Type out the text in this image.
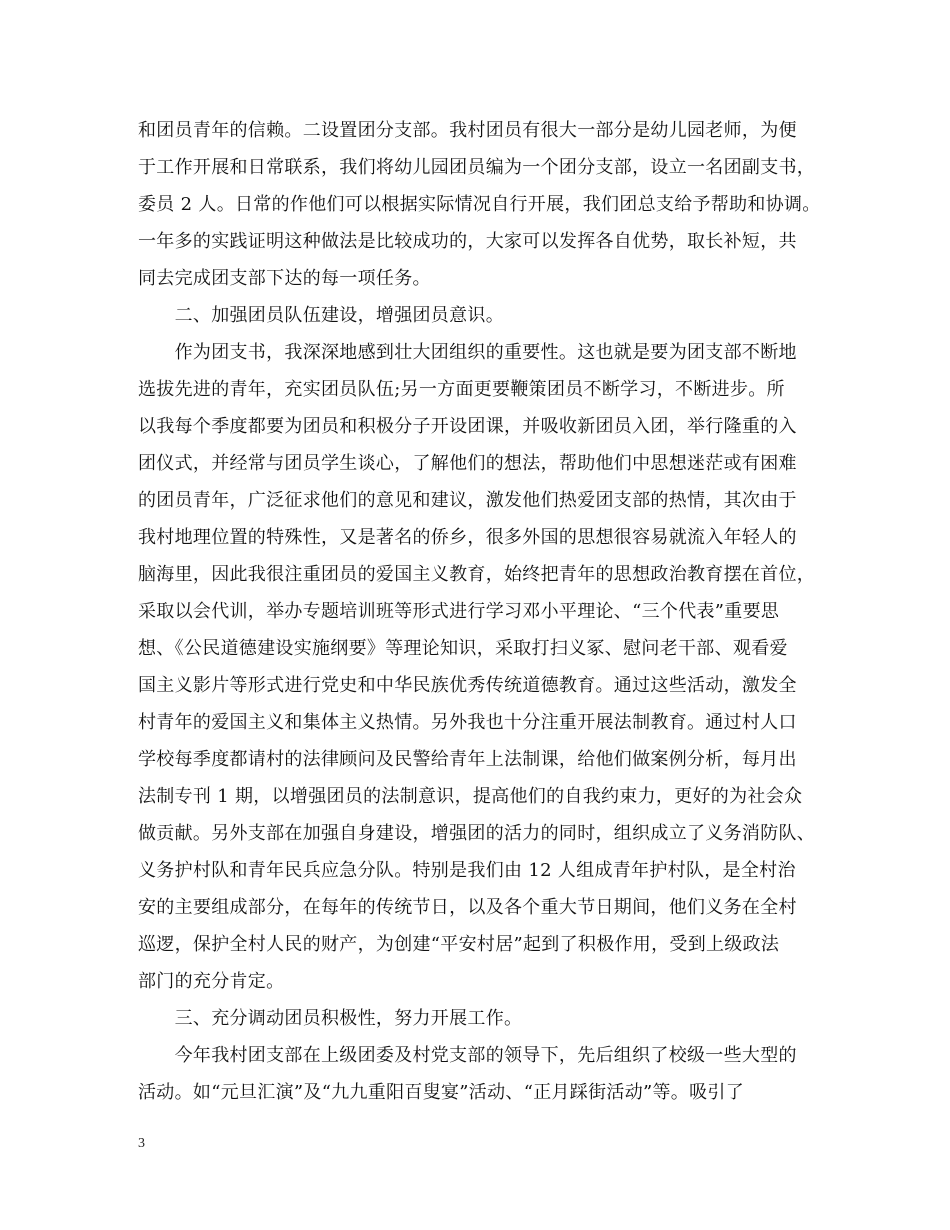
和团员青年的信赖。二设置团分支部。我村团员有很大一部分是幼儿园老师，为便
于工作开展和日常联系，我们将幼儿园团员编为一个团分支部，设立一名团副支书，
委员 2 人。日常的作他们可以根据实际情况自行开展，我们团总支给予帮助和协调。
一年多的实践证明这种做法是比较成功的，大家可以发挥各自优势，取长补短，共
同去完成团支部下达的每一项任务。
　　二、加强团员队伍建设，增强团员意识。
　　作为团支书，我深深地感到壮大团组织的重要性。这也就是要为团支部不断地
选拔先进的青年，充实团员队伍;另一方面更要鞭策团员不断学习，不断进步。所
以我每个季度都要为团员和积极分子开设团课，并吸收新团员入团，举行隆重的入
团仪式，并经常与团员学生谈心，了解他们的想法，帮助他们中思想迷茫或有困难
的团员青年，广泛征求他们的意见和建议，激发他们热爱团支部的热情，其次由于
我村地理位置的特殊性，又是著名的侨乡，很多外国的思想很容易就流入年轻人的
脑海里，因此我很注重团员的爱国主义教育，始终把青年的思想政治教育摆在首位，
采取以会代训，举办专题培训班等形式进行学习邓小平理论、“三个代表”重要思
想、《公民道德建设实施纲要》等理论知识，采取打扫义冢、慰问老干部、观看爱
国主义影片等形式进行党史和中华民族优秀传统道德教育。通过这些活动，激发全
村青年的爱国主义和集体主义热情。另外我也十分注重开展法制教育。通过村人口
学校每季度都请村的法律顾问及民警给青年上法制课，给他们做案例分析，每月出
法制专刊 1 期，以增强团员的法制意识，提高他们的自我约束力，更好的为社会众
做贡献。另外支部在加强自身建设，增强团的活力的同时，组织成立了义务消防队、
义务护村队和青年民兵应急分队。特别是我们由 12 人组成青年护村队，是全村治
安的主要组成部分，在每年的传统节日，以及各个重大节日期间，他们义务在全村
巡逻，保护全村人民的财产，为创建“平安村居”起到了积极作用，受到上级政法
部门的充分肯定。
　　三、充分调动团员积极性，努力开展工作。
　　今年我村团支部在上级团委及村党支部的领导下，先后组织了校级一些大型的
活动。如“元旦汇演”及“九九重阳百叟宴”活动、“正月踩街活动”等。吸引了
3
